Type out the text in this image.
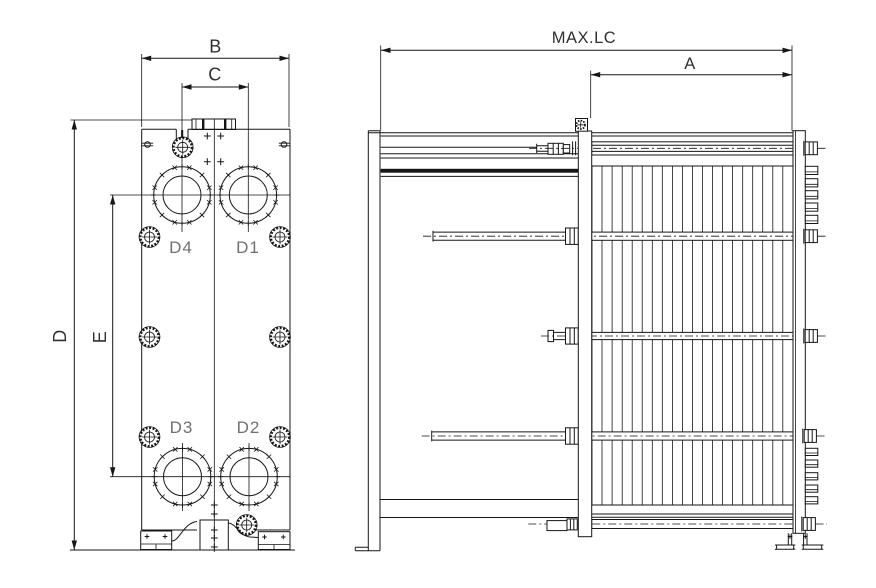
D4	D1
D3	D2
B
C
D E
MAX.LC
A
